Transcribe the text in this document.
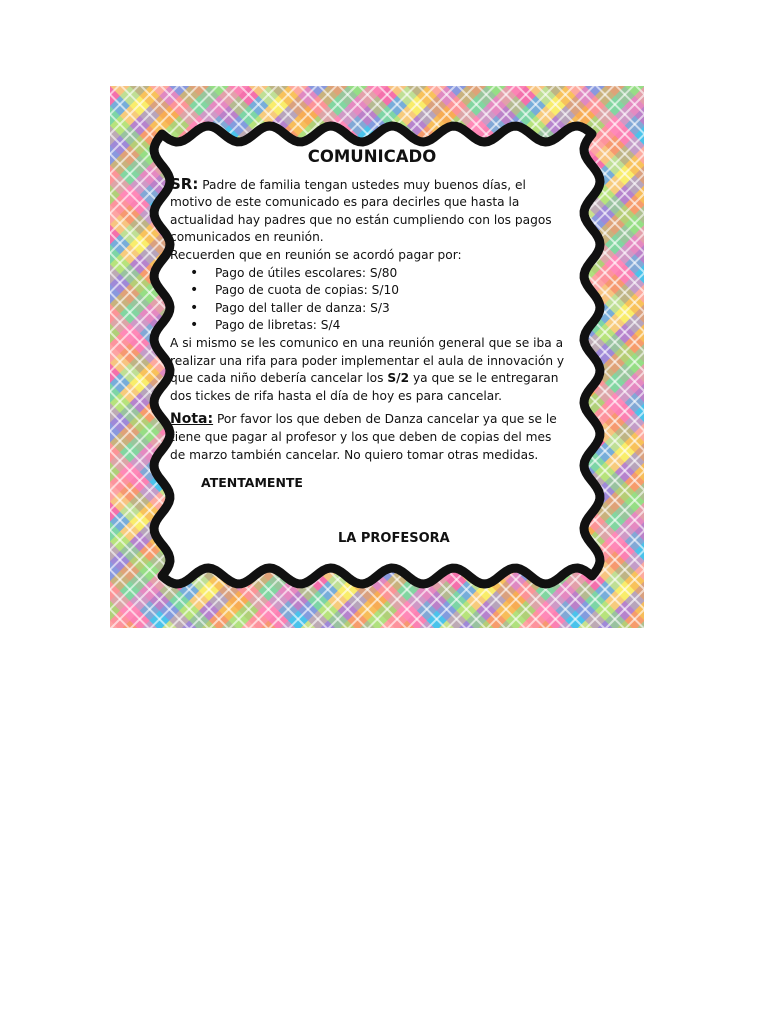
COMUNICADO

SR: Padre de familia tengan ustedes muy buenos días, el motivo de este comunicado es para decirles que hasta la actualidad hay padres que no están cumpliendo con los pagos comunicados en reunión.

Recuerden que en reunión se acordó pagar por:

• Pago de útiles escolares: S/80
• Pago de cuota de copias: S/10
• Pago del taller de danza: S/3
• Pago de libretas: S/4

A si mismo se les comunico en una reunión general que se iba a realizar una rifa para poder implementar el aula de innovación y que cada niño debería cancelar los S/2 ya que se le entregaran dos tickes de rifa hasta el día de hoy es para cancelar.

Nota: Por favor los que deben de Danza cancelar ya que se le tiene que pagar al profesor y los que deben de copias del mes de marzo también cancelar. No quiero tomar otras medidas.

ATENTAMENTE
LA PROFESORA
